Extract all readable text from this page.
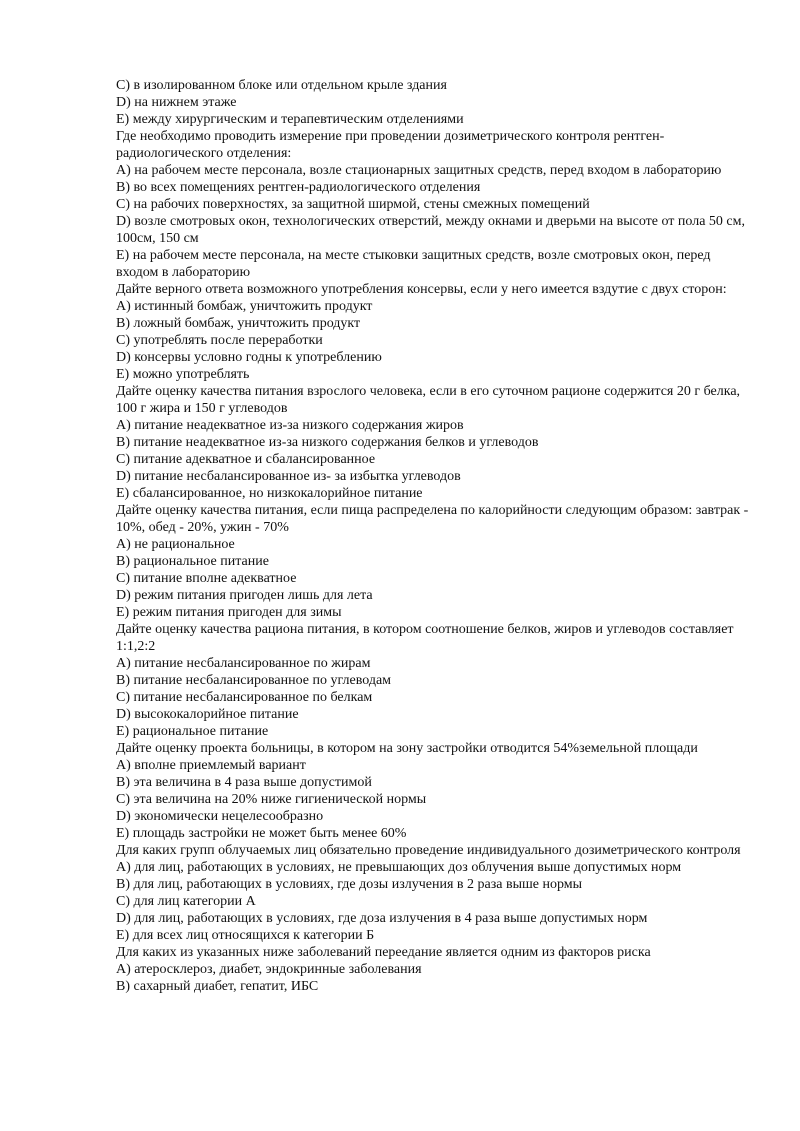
C) в изолированном блоке или отдельном крыле здания

D) на нижнем этаже

E) между хирургическим и терапевтическим отделениями

Где необходимо проводить измерение при проведении дозиметрического контроля рентген-радиологического отделения:

A) на рабочем месте персонала, возле стационарных защитных средств, перед входом в лабораторию

B) во всех помещениях рентген-радиологического отделения

C) на рабочих поверхностях, за защитной ширмой, стены смежных помещений

D) возле смотровых окон, технологических отверстий, между окнами и дверьми на высоте от пола 50 см, 100см, 150 см

E) на рабочем месте персонала, на месте стыковки защитных средств, возле смотровых окон, перед входом в лабораторию

Дайте верного ответа возможного употребления консервы, если у него имеется вздутие с двух сторон:

A) истинный бомбаж, уничтожить продукт

B) ложный бомбаж, уничтожить продукт

C) употреблять после переработки

D) консервы условно годны к употреблению

E) можно употреблять

Дайте оценку качества питания взрослого человека, если в его суточном рационе содержится 20 г белка, 100 г жира и 150 г углеводов

A) питание неадекватное из-за низкого содержания жиров

B) питание неадекватное из-за низкого содержания белков и углеводов

C) питание адекватное и сбалансированное

D) питание несбалансированное из- за избытка углеводов

E) сбалансированное, но низкокалорийное питание

Дайте оценку качества питания, если пища распределена по калорийности следующим образом: завтрак - 10%, обед - 20%, ужин - 70%

A) не рациональное

B) рациональное питание

C) питание вполне адекватное

D) режим питания пригоден лишь для лета

E) режим питания пригоден для зимы

Дайте оценку качества рациона питания, в котором соотношение белков, жиров и углеводов составляет 1:1,2:2

A) питание несбалансированное по жирам

B) питание несбалансированное по углеводам

C) питание несбалансированное по белкам

D) высококалорийное питание

E) рациональное питание

Дайте оценку проекта больницы, в котором на зону застройки отводится 54%земельной площади

A) вполне приемлемый вариант

B) эта величина в 4 раза выше допустимой

C) эта величина на 20% ниже гигиенической нормы

D) экономически нецелесообразно

E) площадь застройки не может быть менее 60%

Для каких групп облучаемых лиц обязательно проведение индивидуального дозиметрического контроля

A) для лиц, работающих в условиях, не превышающих доз облучения выше допустимых норм

B) для лиц, работающих в условиях, где дозы излучения в 2 раза выше нормы

C) для лиц категории А

D) для лиц, работающих в условиях, где доза излучения в 4 раза выше допустимых норм

E) для всех лиц относящихся к категории Б

Для каких из указанных ниже заболеваний переедание является одним из факторов риска

A) атеросклероз, диабет, эндокринные заболевания

B) сахарный диабет, гепатит, ИБС
